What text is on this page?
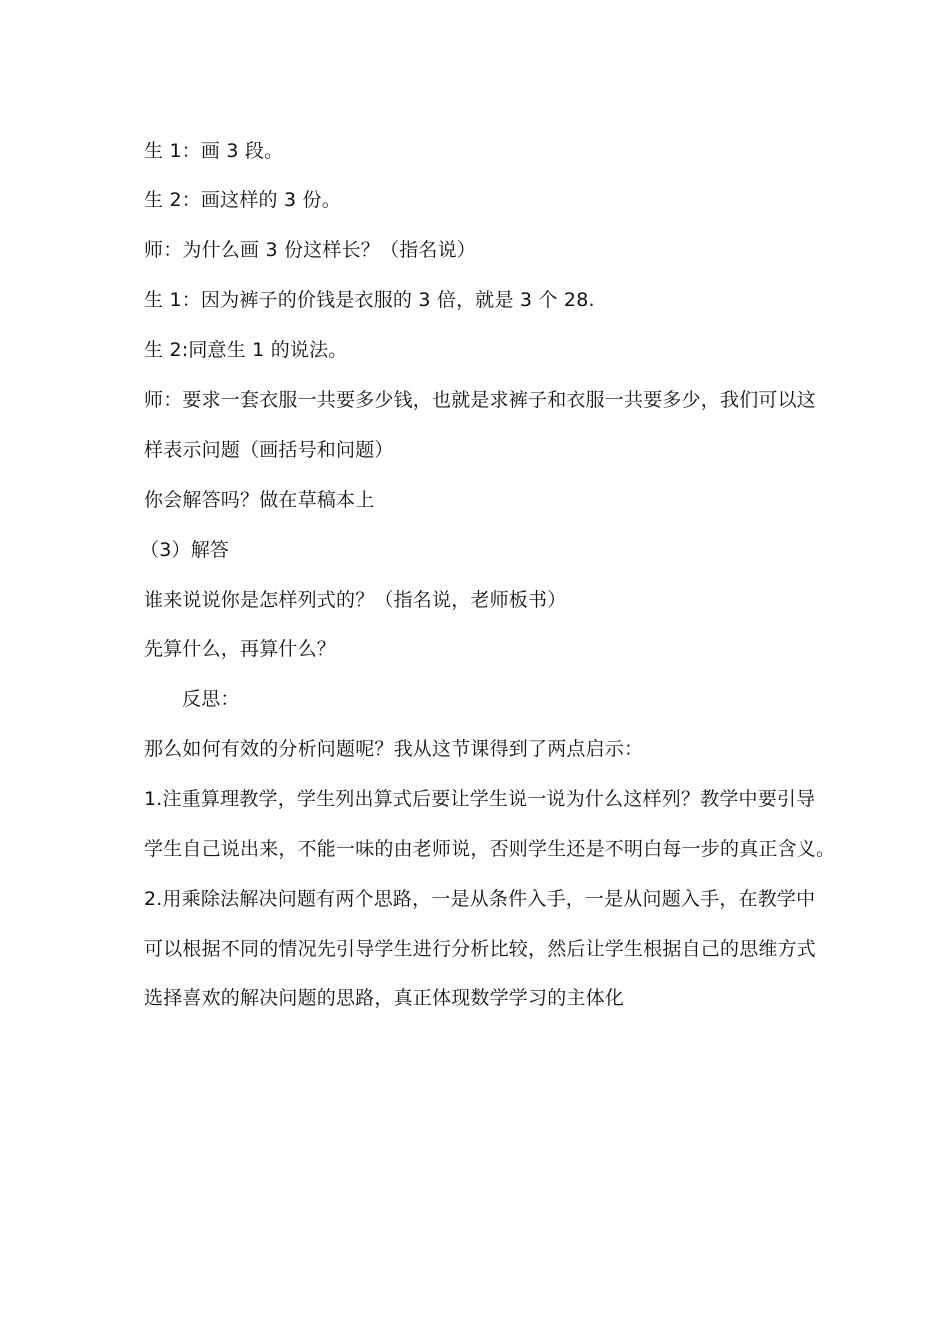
生 1：画 3 段。
生 2：画这样的 3 份。
师：为什么画 3 份这样长？（指名说）
生 1：因为裤子的价钱是衣服的 3 倍，就是 3 个 28.
生 2:同意生 1 的说法。
师：要求一套衣服一共要多少钱，也就是求裤子和衣服一共要多少，我们可以这
样表示问题（画括号和问题）
你会解答吗？做在草稿本上
（3）解答
谁来说说你是怎样列式的？（指名说，老师板书）
先算什么，再算什么？
反思：
那么如何有效的分析问题呢？我从这节课得到了两点启示：
1.注重算理教学，学生列出算式后要让学生说一说为什么这样列？教学中要引导
学生自己说出来，不能一味的由老师说，否则学生还是不明白每一步的真正含义。
2.用乘除法解决问题有两个思路，一是从条件入手，一是从问题入手，在教学中
可以根据不同的情况先引导学生进行分析比较，然后让学生根据自己的思维方式
选择喜欢的解决问题的思路，真正体现数学学习的主体化
